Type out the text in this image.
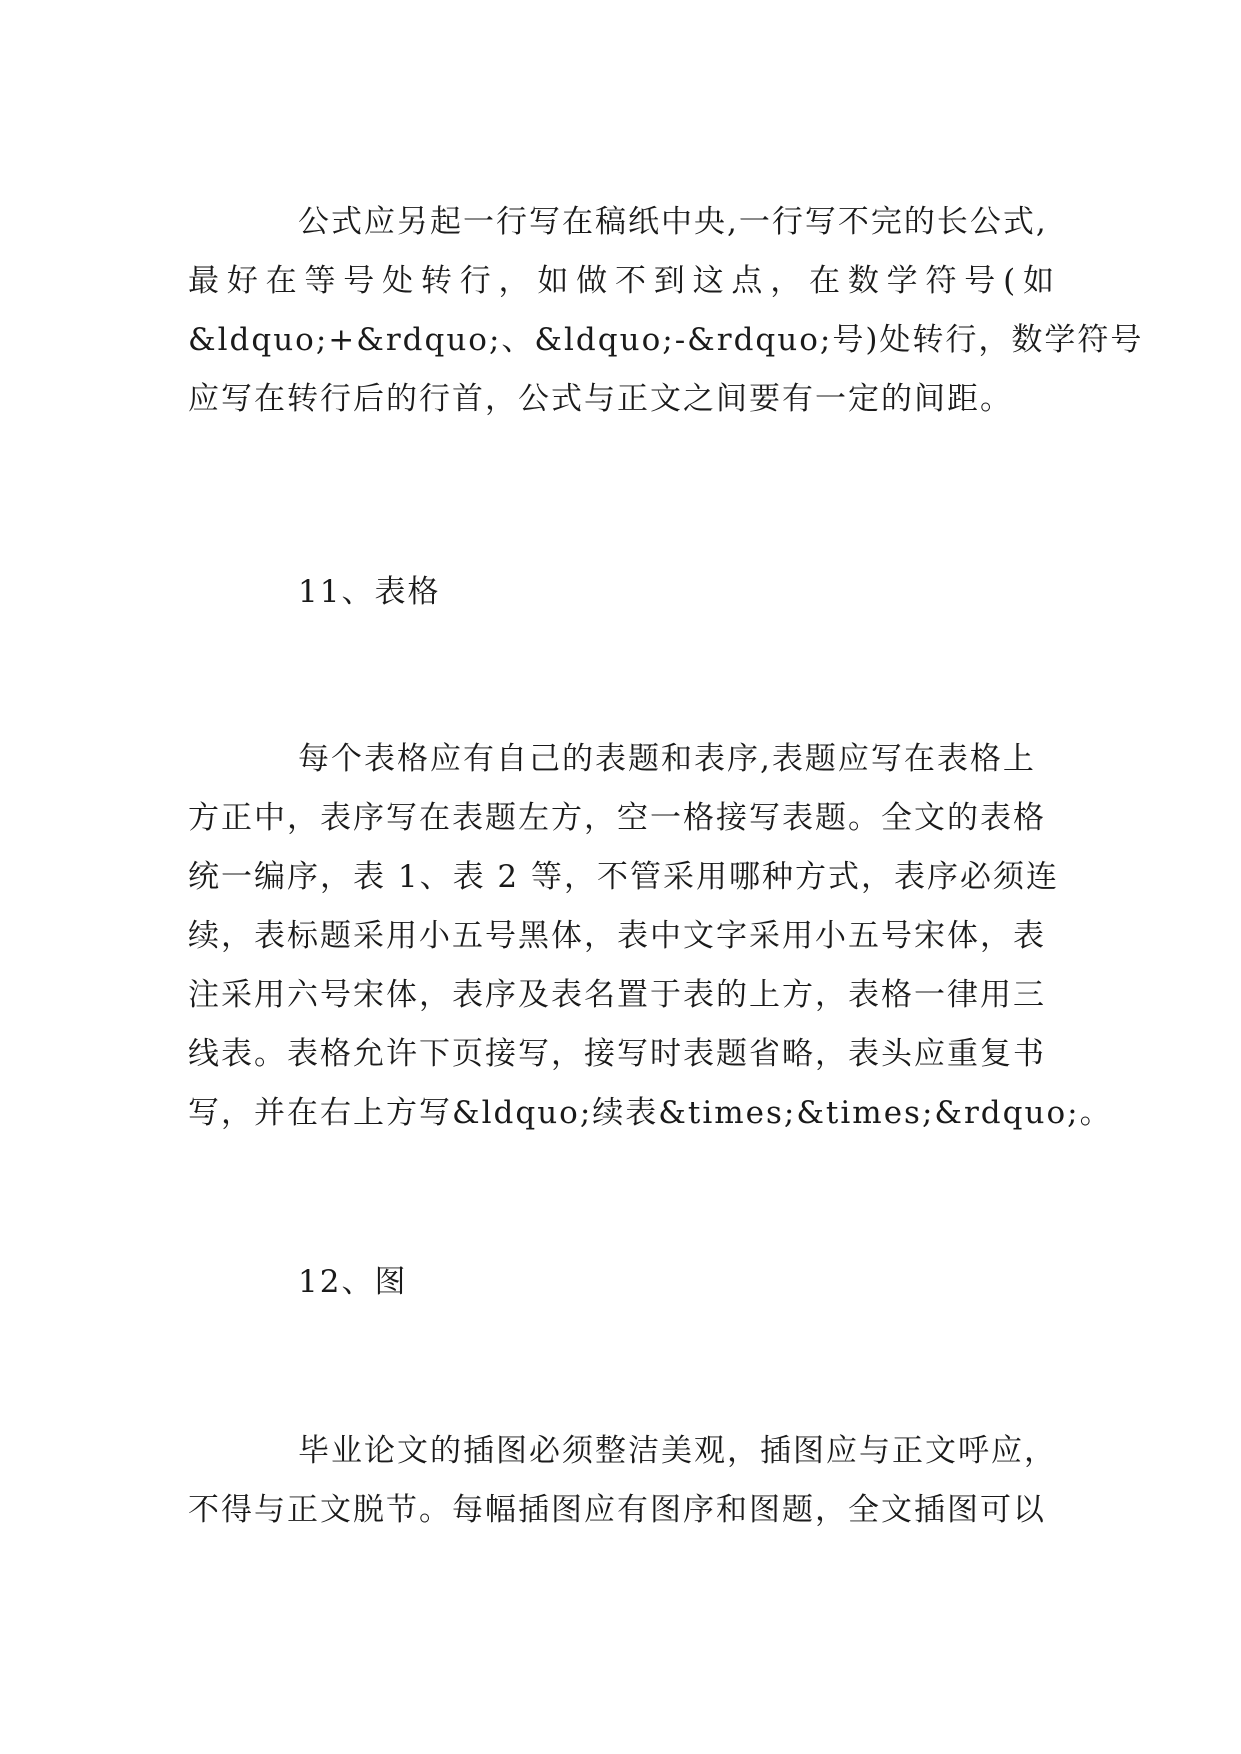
公式应另起一行写在稿纸中央,一行写不完的长公式,
最好在等号处转行，如做不到这点，在数学符号(如
&ldquo;+&rdquo;、&ldquo;-&rdquo;号)处转行，数学符号
应写在转行后的行首，公式与正文之间要有一定的间距。

11、表格

每个表格应有自己的表题和表序,表题应写在表格上
方正中，表序写在表题左方，空一格接写表题。全文的表格
统一编序，表 1、表 2 等，不管采用哪种方式，表序必须连
续，表标题采用小五号黑体，表中文字采用小五号宋体，表
注采用六号宋体，表序及表名置于表的上方，表格一律用三
线表。表格允许下页接写，接写时表题省略，表头应重复书
写，并在右上方写&ldquo;续表&times;&times;&rdquo;。

12、图

毕业论文的插图必须整洁美观，插图应与正文呼应，
不得与正文脱节。每幅插图应有图序和图题，全文插图可以
